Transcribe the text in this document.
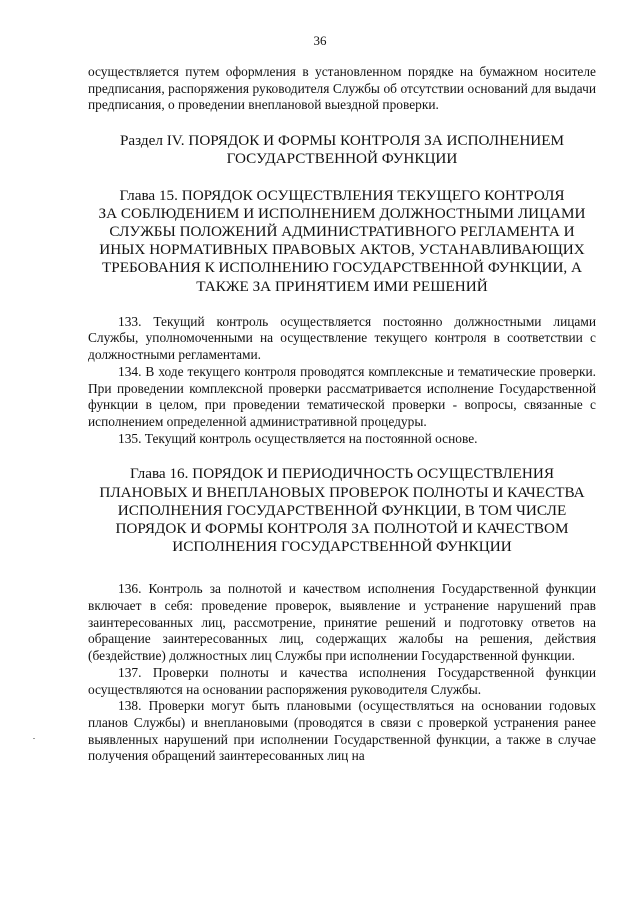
36

осуществляется путем оформления в установленном порядке на бумажном носителе предписания, распоряжения руководителя Службы об отсутствии оснований для выдачи предписания, о проведении внеплановой выездной проверки.

Раздел IV. ПОРЯДОК И ФОРМЫ КОНТРОЛЯ ЗА ИСПОЛНЕНИЕМ
ГОСУДАРСТВЕННОЙ ФУНКЦИИ
Глава 15. ПОРЯДОК ОСУЩЕСТВЛЕНИЯ ТЕКУЩЕГО КОНТРОЛЯ
ЗА СОБЛЮДЕНИЕМ И ИСПОЛНЕНИЕМ ДОЛЖНОСТНЫМИ ЛИЦАМИ
СЛУЖБЫ ПОЛОЖЕНИЙ АДМИНИСТРАТИВНОГО РЕГЛАМЕНТА И
ИНЫХ НОРМАТИВНЫХ ПРАВОВЫХ АКТОВ, УСТАНАВЛИВАЮЩИХ
ТРЕБОВАНИЯ К ИСПОЛНЕНИЮ ГОСУДАРСТВЕННОЙ ФУНКЦИИ, А
ТАКЖЕ ЗА ПРИНЯТИЕМ ИМИ РЕШЕНИЙ

133. Текущий контроль осуществляется постоянно должностными лицами Службы, уполномоченными на осуществление текущего контроля в соответствии с должностными регламентами.

134. В ходе текущего контроля проводятся комплексные и тематические проверки. При проведении комплексной проверки рассматривается исполнение Государственной функции в целом, при проведении тематической проверки - вопросы, связанные с исполнением определенной административной процедуры.

135. Текущий контроль осуществляется на постоянной основе.

Глава 16. ПОРЯДОК И ПЕРИОДИЧНОСТЬ ОСУЩЕСТВЛЕНИЯ
ПЛАНОВЫХ И ВНЕПЛАНОВЫХ ПРОВЕРОК ПОЛНОТЫ И КАЧЕСТВА
ИСПОЛНЕНИЯ ГОСУДАРСТВЕННОЙ ФУНКЦИИ, В ТОМ ЧИСЛЕ
ПОРЯДОК И ФОРМЫ КОНТРОЛЯ ЗА ПОЛНОТОЙ И КАЧЕСТВОМ
ИСПОЛНЕНИЯ ГОСУДАРСТВЕННОЙ ФУНКЦИИ

136. Контроль за полнотой и качеством исполнения Государственной функции включает в себя: проведение проверок, выявление и устранение нарушений прав заинтересованных лиц, рассмотрение, принятие решений и подготовку ответов на обращение заинтересованных лиц, содержащих жалобы на решения, действия (бездействие) должностных лиц Службы при исполнении Государственной функции.

137. Проверки полноты и качества исполнения Государственной функции осуществляются на основании распоряжения руководителя Службы.

138. Проверки могут быть плановыми (осуществляться на основании годовых планов Службы) и внеплановыми (проводятся в связи с проверкой устранения ранее выявленных нарушений при исполнении Государственной функции, а также в случае получения обращений заинтересованных лиц на
